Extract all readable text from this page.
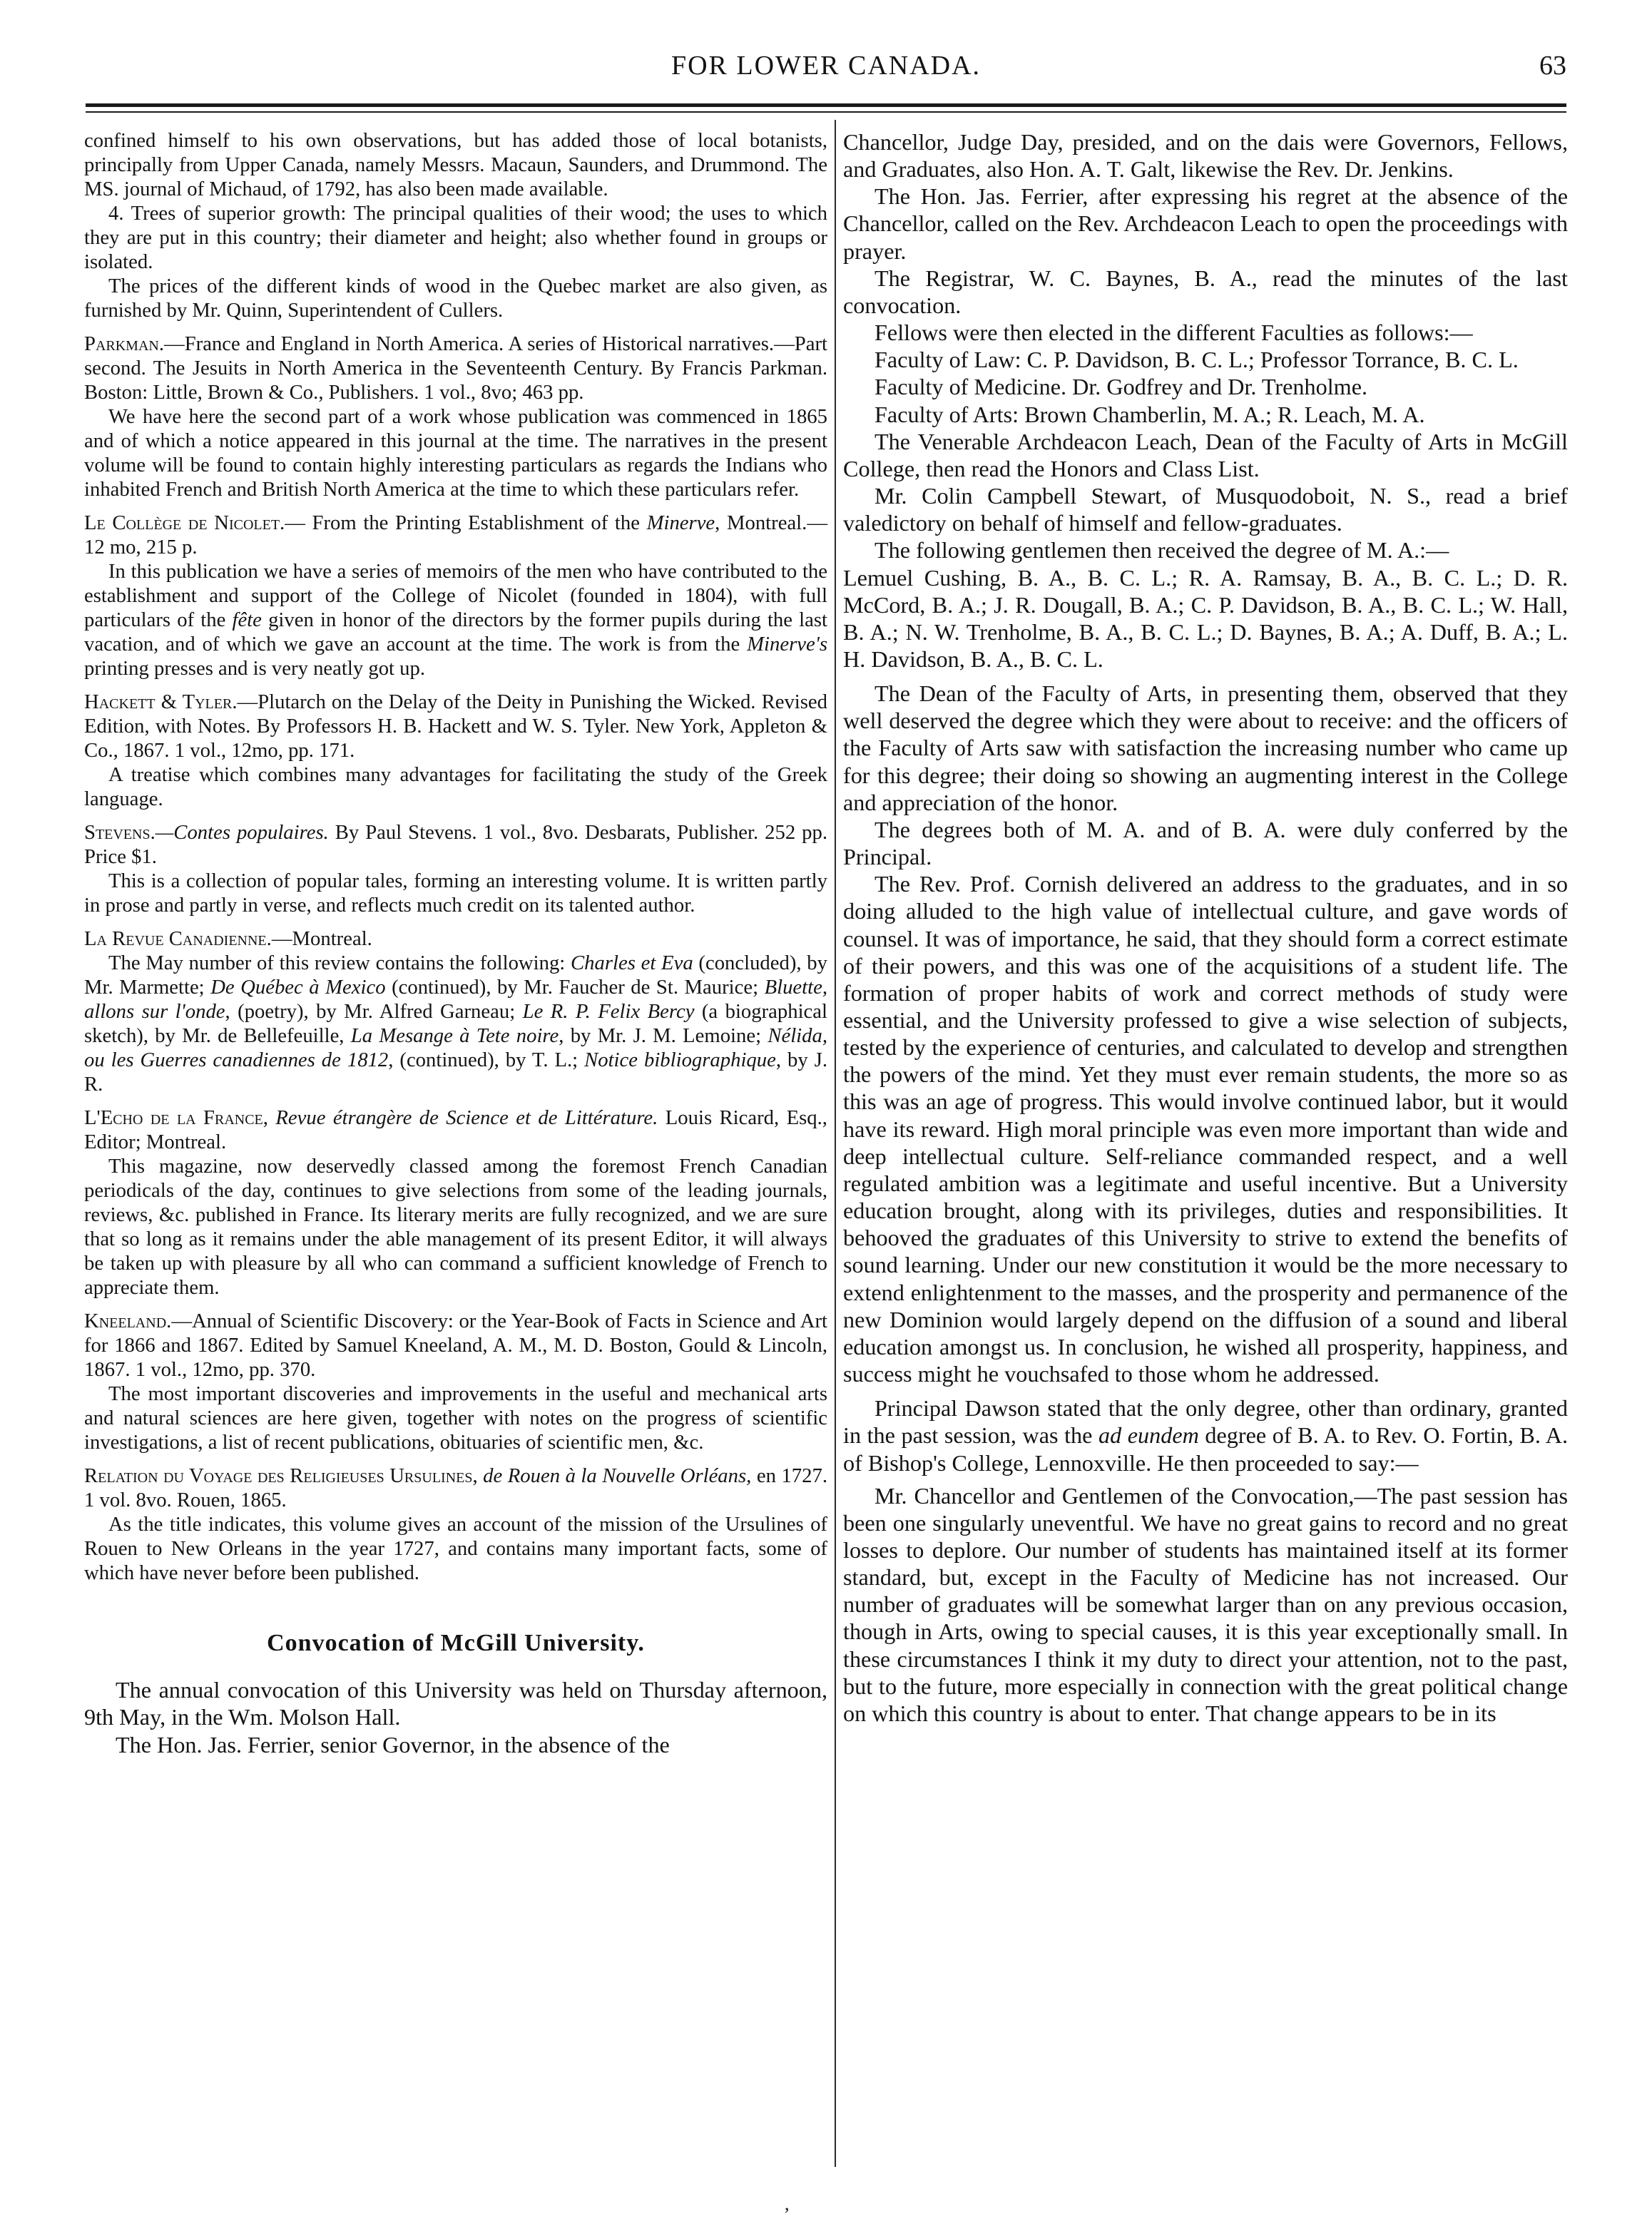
FOR LOWER CANADA.	63

confined himself to his own observations, but has added those of local botanists, principally from Upper Canada, namely Messrs. Macaun, Saunders, and Drummond. The MS. journal of Michaud, of 1792, has also been made available.

4. Trees of superior growth: The principal qualities of their wood; the uses to which they are put in this country; their diameter and height; also whether found in groups or isolated.

The prices of the different kinds of wood in the Quebec market are also given, as furnished by Mr. Quinn, Superintendent of Cullers.

Parkman.—France and England in North America. A series of Historical narratives.—Part second. The Jesuits in North America in the Seventeenth Century. By Francis Parkman. Boston: Little, Brown & Co., Publishers. 1 vol., 8vo; 463 pp.

We have here the second part of a work whose publication was commenced in 1865 and of which a notice appeared in this journal at the time. The narratives in the present volume will be found to contain highly interesting particulars as regards the Indians who inhabited French and British North America at the time to which these particulars refer.

Le Collège de Nicolet.— From the Printing Establishment of the Minerve, Montreal.—12 mo, 215 p.

In this publication we have a series of memoirs of the men who have contributed to the establishment and support of the College of Nicolet (founded in 1804), with full particulars of the fête given in honor of the directors by the former pupils during the last vacation, and of which we gave an account at the time. The work is from the Minerve's printing presses and is very neatly got up.

Hackett & Tyler.—Plutarch on the Delay of the Deity in Punishing the Wicked. Revised Edition, with Notes. By Professors H. B. Hackett and W. S. Tyler. New York, Appleton & Co., 1867. 1 vol., 12mo, pp. 171.

A treatise which combines many advantages for facilitating the study of the Greek language.

Stevens.—Contes populaires. By Paul Stevens. 1 vol., 8vo. Desbarats, Publisher. 252 pp. Price $1.

This is a collection of popular tales, forming an interesting volume. It is written partly in prose and partly in verse, and reflects much credit on its talented author.

La Revue Canadienne.—Montreal.

The May number of this review contains the following: Charles et Eva (concluded), by Mr. Marmette; De Québec à Mexico (continued), by Mr. Faucher de St. Maurice; Bluette, allons sur l'onde, (poetry), by Mr. Alfred Garneau; Le R. P. Felix Bercy (a biographical sketch), by Mr. de Bellefeuille, La Mesange à Tete noire, by Mr. J. M. Lemoine; Nélida, ou les Guerres canadiennes de 1812, (continued), by T. L.; Notice bibliographique, by J. R.

L'Echo de la France, Revue étrangère de Science et de Littérature. Louis Ricard, Esq., Editor; Montreal.

This magazine, now deservedly classed among the foremost French Canadian periodicals of the day, continues to give selections from some of the leading journals, reviews, &c. published in France. Its literary merits are fully recognized, and we are sure that so long as it remains under the able management of its present Editor, it will always be taken up with pleasure by all who can command a sufficient knowledge of French to appreciate them.

Kneeland.—Annual of Scientific Discovery: or the Year-Book of Facts in Science and Art for 1866 and 1867. Edited by Samuel Kneeland, A. M., M. D. Boston, Gould & Lincoln, 1867. 1 vol., 12mo, pp. 370.

The most important discoveries and improvements in the useful and mechanical arts and natural sciences are here given, together with notes on the progress of scientific investigations, a list of recent publications, obituaries of scientific men, &c.

Relation du Voyage des Religieuses Ursulines, de Rouen à la Nouvelle Orléans, en 1727. 1 vol. 8vo. Rouen, 1865.

As the title indicates, this volume gives an account of the mission of the Ursulines of Rouen to New Orleans in the year 1727, and contains many important facts, some of which have never before been published.

Convocation of McGill University.

The annual convocation of this University was held on Thursday afternoon, 9th May, in the Wm. Molson Hall.

The Hon. Jas. Ferrier, senior Governor, in the absence of the

Chancellor, Judge Day, presided, and on the dais were Governors, Fellows, and Graduates, also Hon. A. T. Galt, likewise the Rev. Dr. Jenkins.

The Hon. Jas. Ferrier, after expressing his regret at the absence of the Chancellor, called on the Rev. Archdeacon Leach to open the proceedings with prayer.

The Registrar, W. C. Baynes, B. A., read the minutes of the last convocation.

Fellows were then elected in the different Faculties as follows:—

Faculty of Law: C. P. Davidson, B. C. L.; Professor Torrance, B. C. L.

Faculty of Medicine. Dr. Godfrey and Dr. Trenholme.

Faculty of Arts: Brown Chamberlin, M. A.; R. Leach, M. A.

The Venerable Archdeacon Leach, Dean of the Faculty of Arts in McGill College, then read the Honors and Class List.

Mr. Colin Campbell Stewart, of Musquodoboit, N. S., read a brief valedictory on behalf of himself and fellow-graduates.

The following gentlemen then received the degree of M. A.:—

Lemuel Cushing, B. A., B. C. L.; R. A. Ramsay, B. A., B. C. L.; D. R. McCord, B. A.; J. R. Dougall, B. A.; C. P. Davidson, B. A., B. C. L.; W. Hall, B. A.; N. W. Trenholme, B. A., B. C. L.; D. Baynes, B. A.; A. Duff, B. A.; L. H. Davidson, B. A., B. C. L.

The Dean of the Faculty of Arts, in presenting them, observed that they well deserved the degree which they were about to receive: and the officers of the Faculty of Arts saw with satisfaction the increasing number who came up for this degree; their doing so showing an augmenting interest in the College and appreciation of the honor.

The degrees both of M. A. and of B. A. were duly conferred by the Principal.

The Rev. Prof. Cornish delivered an address to the graduates, and in so doing alluded to the high value of intellectual culture, and gave words of counsel. It was of importance, he said, that they should form a correct estimate of their powers, and this was one of the acquisitions of a student life. The formation of proper habits of work and correct methods of study were essential, and the University professed to give a wise selection of subjects, tested by the experience of centuries, and calculated to develop and strengthen the powers of the mind. Yet they must ever remain students, the more so as this was an age of progress. This would involve continued labor, but it would have its reward. High moral principle was even more important than wide and deep intellectual culture. Self-reliance commanded respect, and a well regulated ambition was a legitimate and useful incentive. But a University education brought, along with its privileges, duties and responsibilities. It behooved the graduates of this University to strive to extend the benefits of sound learning. Under our new constitution it would be the more necessary to extend enlightenment to the masses, and the prosperity and permanence of the new Dominion would largely depend on the diffusion of a sound and liberal education amongst us. In conclusion, he wished all prosperity, happiness, and success might he vouchsafed to those whom he addressed.

Principal Dawson stated that the only degree, other than ordinary, granted in the past session, was the ad eundem degree of B. A. to Rev. O. Fortin, B. A. of Bishop's College, Lennoxville. He then proceeded to say:—

Mr. Chancellor and Gentlemen of the Convocation,—The past session has been one singularly uneventful. We have no great gains to record and no great losses to deplore. Our number of students has maintained itself at its former standard, but, except in the Faculty of Medicine has not increased. Our number of graduates will be somewhat larger than on any previous occasion, though in Arts, owing to special causes, it is this year exceptionally small. In these circumstances I think it my duty to direct your attention, not to the past, but to the future, more especially in connection with the great political change on which this country is about to enter. That change appears to be in its

,
